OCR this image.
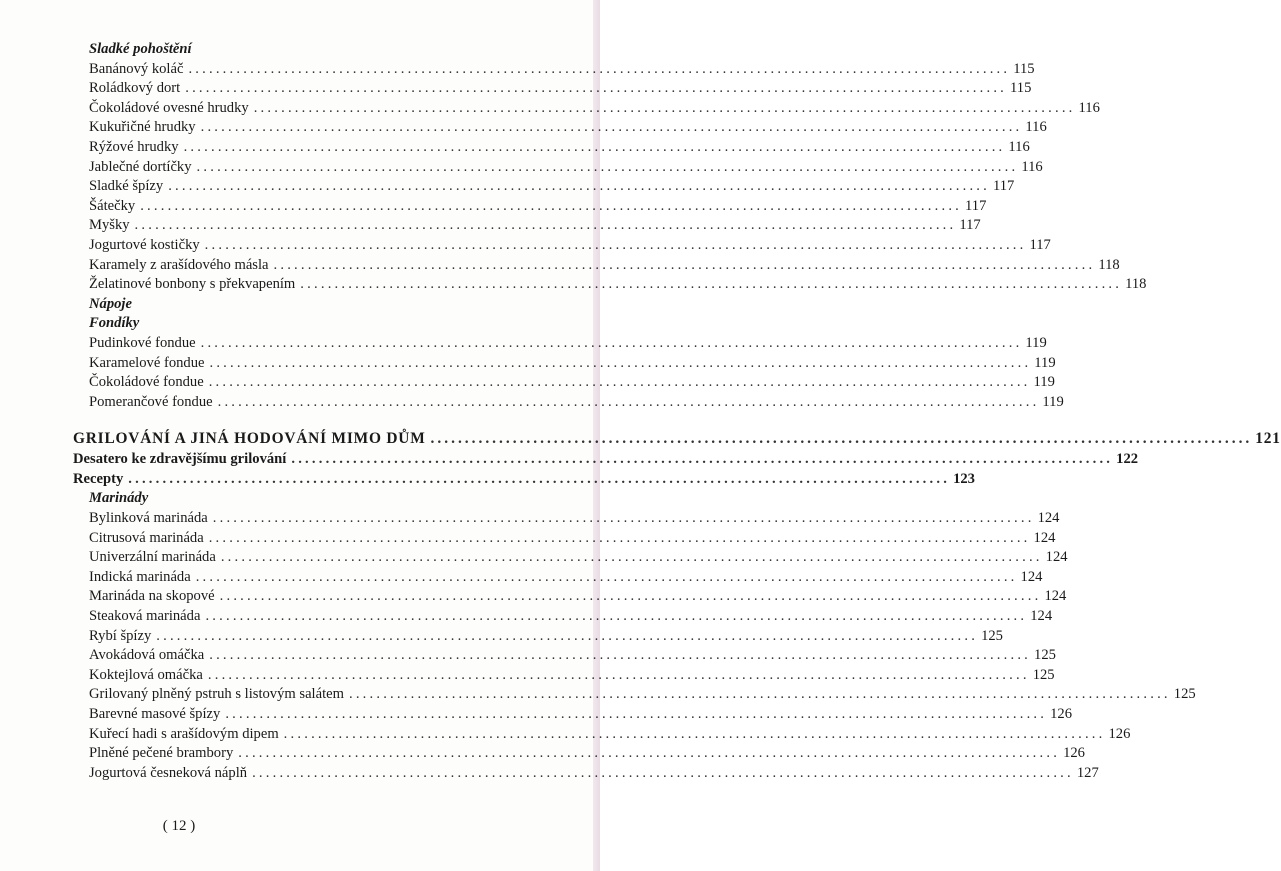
Sladké pohoštění
Banánový koláč ........................................................................................................................ 115
Roládkový dort ........................................................................................................................ 115
Čokoládové ovesné hrudky ........................................................................................................................ 116
Kukuřičné hrudky ........................................................................................................................ 116
Rýžové hrudky ........................................................................................................................ 116
Jablečné dortíčky ........................................................................................................................ 116
Sladké špízy ........................................................................................................................ 117
Šátečky ........................................................................................................................ 117
Myšky ........................................................................................................................ 117
Jogurtové kostičky ........................................................................................................................ 117
Karamely z arašídového másla ........................................................................................................................ 118
Želatinové bonbony s překvapením ........................................................................................................................ 118
Nápoje
Fondíky
Pudinkové fondue ........................................................................................................................ 119
Karamelové fondue ........................................................................................................................ 119
Čokoládové fondue ........................................................................................................................ 119
Pomerančové fondue ........................................................................................................................ 119
GRILOVÁNÍ A JINÁ HODOVÁNÍ MIMO DŮM ........................................................................................................................ 121
Desatero ke zdravějšímu grilování ........................................................................................................................ 122
Recepty ........................................................................................................................ 123
Marinády
Bylinková marináda ........................................................................................................................ 124
Citrusová marináda ........................................................................................................................ 124
Univerzální marináda ........................................................................................................................ 124
Indická marináda ........................................................................................................................ 124
Marináda na skopové ........................................................................................................................ 124
Steaková marináda ........................................................................................................................ 124
Rybí špízy ........................................................................................................................ 125
Avokádová omáčka ........................................................................................................................ 125
Koktejlová omáčka ........................................................................................................................ 125
Grilovaný plněný pstruh s listovým salátem ........................................................................................................................ 125
Barevné masové špízy ........................................................................................................................ 126
Kuřecí hadi s arašídovým dipem ........................................................................................................................ 126
Plněné pečené brambory ........................................................................................................................ 126
Jogurtová česneková náplň ........................................................................................................................ 127
( 12 )
